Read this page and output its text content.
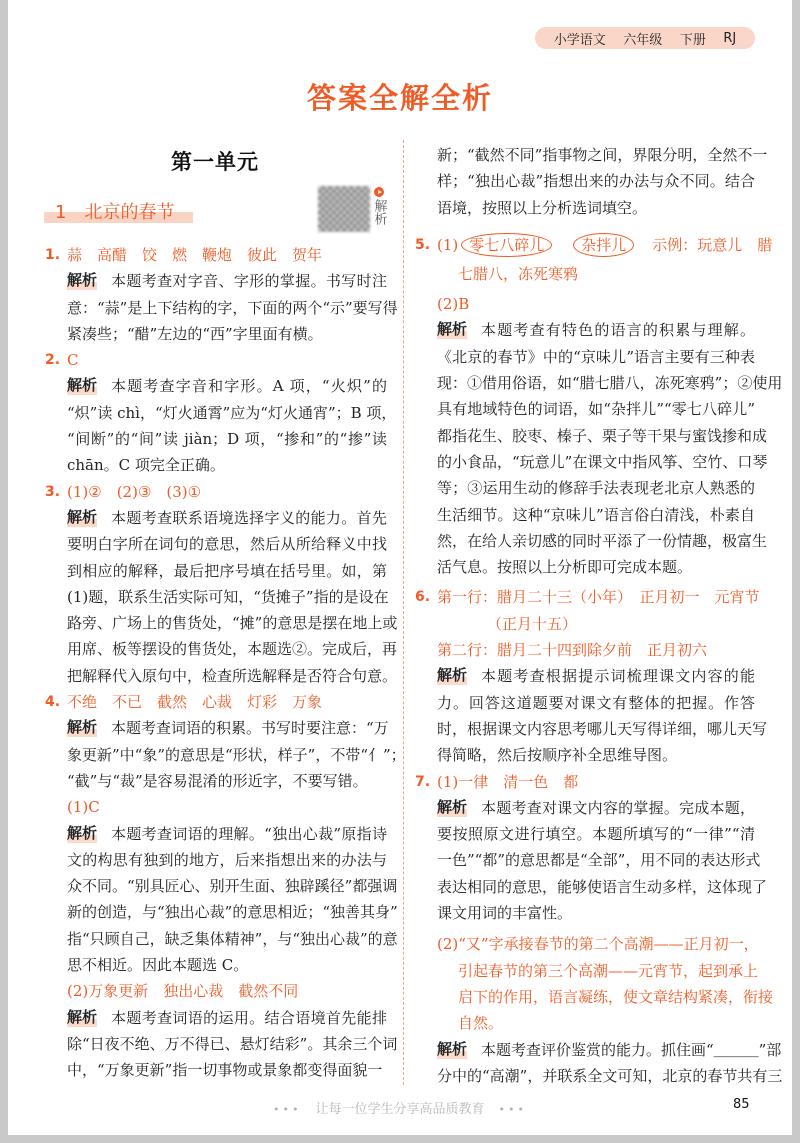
小学语文 六年级 下册 RJ
答案全解全析
第一单元
1　北京的春节	解析
1. 蒜　高醋　饺　燃　鞭炮　彼此　贺年
解析 本题考查对字音、字形的掌握。书写时注
意：“蒜”是上下结构的字，下面的两个“示”要写得
紧凑些；“醋”左边的“西”字里面有横。
2. C
解析 本题考查字音和字形。A 项，“火炽”的
“炽”读 chì，“灯火通霄”应为“灯火通宵”；B 项，
“间断”的“间”读 jiàn；D 项，“掺和”的“掺”读
chān。C 项完全正确。
3. (1)②　(2)③　(3)①
解析 本题考查联系语境选择字义的能力。首先
要明白字所在词句的意思，然后从所给释义中找
到相应的解释，最后把序号填在括号里。如，第
(1)题，联系生活实际可知，“货摊子”指的是设在
路旁、广场上的售货处，“摊”的意思是摆在地上或
用席、板等摆设的售货处，本题选②。完成后，再
把解释代入原句中，检查所选解释是否符合句意。
4. 不绝　不已　截然　心裁　灯彩　万象
解析 本题考查词语的积累。书写时要注意：“万
象更新”中“象”的意思是“形状，样子”，不带“亻”；
“截”与“裁”是容易混淆的形近字，不要写错。
(1)C
解析 本题考查词语的理解。“独出心裁”原指诗
文的构思有独到的地方，后来指想出来的办法与
众不同。“别具匠心、别开生面、独辟蹊径”都强调
新的创造，与“独出心裁”的意思相近；“独善其身”
指“只顾自己，缺乏集体精神”，与“独出心裁”的意
思不相近。因此本题选 C。
(2)万象更新　独出心裁　截然不同
解析 本题考查词语的运用。结合语境首先能排
除“日夜不绝、万不得已、悬灯结彩”。其余三个词
中，“万象更新”指一切事物或景象都变得面貌一
新；“截然不同”指事物之间，界限分明，全然不一
样；“独出心裁”指想出来的办法与众不同。结合
语境，按照以上分析选词填空。
5. (1) 零七八碎儿　 杂拌儿　示例：玩意儿　腊
七腊八，冻死寒鸦
(2)B
解析 本题考查有特色的语言的积累与理解。
《北京的春节》中的“京味儿”语言主要有三种表
现：①借用俗语，如“腊七腊八，冻死寒鸦”；②使用
具有地域特色的词语，如“杂拌儿”“零七八碎儿”
都指花生、胶枣、榛子、栗子等干果与蜜饯掺和成
的小食品，“玩意儿”在课文中指风筝、空竹、口琴
等；③运用生动的修辞手法表现老北京人熟悉的
生活细节。这种“京味儿”语言俗白清浅，朴素自
然，在给人亲切感的同时平添了一份情趣，极富生
活气息。按照以上分析即可完成本题。
6. 第一行：腊月二十三（小年）　正月初一　元宵节
（正月十五）
第二行：腊月二十四到除夕前　正月初六
解析 本题考查根据提示词梳理课文内容的能
力。回答这道题要对课文有整体的把握。作答
时，根据课文内容思考哪儿天写得详细，哪儿天写
得简略，然后按顺序补全思维导图。
7. (1)一律　清一色　都
解析 本题考查对课文内容的掌握。完成本题，
要按照原文进行填空。本题所填写的“一律”“清
一色”“都”的意思都是“全部”，用不同的表达形式
表达相同的意思，能够使语言生动多样，这体现了
课文用词的丰富性。
(2)“又”字承接春节的第二个高潮——正月初一，
引起春节的第三个高潮——元宵节，起到承上
启下的作用，语言凝练，使文章结构紧凑，衔接
自然。
解析 本题考查评价鉴赏的能力。抓住画“＿＿＿”部
分中的“高潮”，并联系全文可知，北京的春节共有三
••• 让每一位学生分享高品质教育 •••	85
